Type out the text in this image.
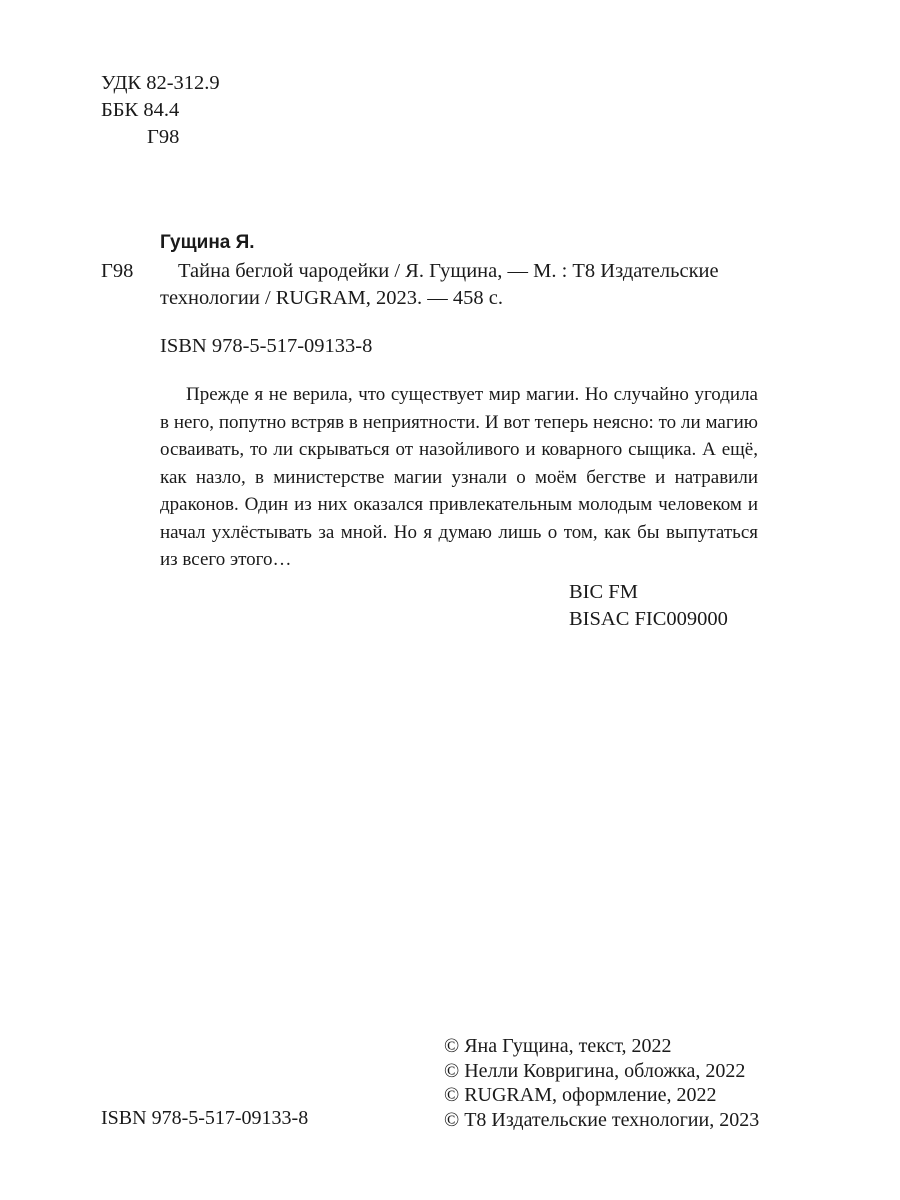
УДК 82-312.9
ББК 84.4
Г98
Гущина Я.
Г98 Тайна беглой чародейки / Я. Гущина, — М. : Т8 Издательские
технологии / RUGRAM, 2023. — 458 с.
ISBN 978-5-517-09133-8
Прежде я не верила, что существует мир магии. Но случайно угодила в него, попутно встряв в неприятности. И вот теперь неясно: то ли магию осваивать, то ли скрываться от назойливого и коварного сыщика. А ещё, как назло, в министерстве магии узнали о моём бегстве и натравили драконов. Один из них оказался привлекательным молодым человеком и начал ухлёстывать за мной. Но я думаю лишь о том, как бы выпутаться из всего этого…
BIC FM
BISAC FIC009000
© Яна Гущина, текст, 2022
© Нелли Ковригина, обложка, 2022
© RUGRAM, оформление, 2022
© Т8 Издательские технологии, 2023
ISBN 978-5-517-09133-8
